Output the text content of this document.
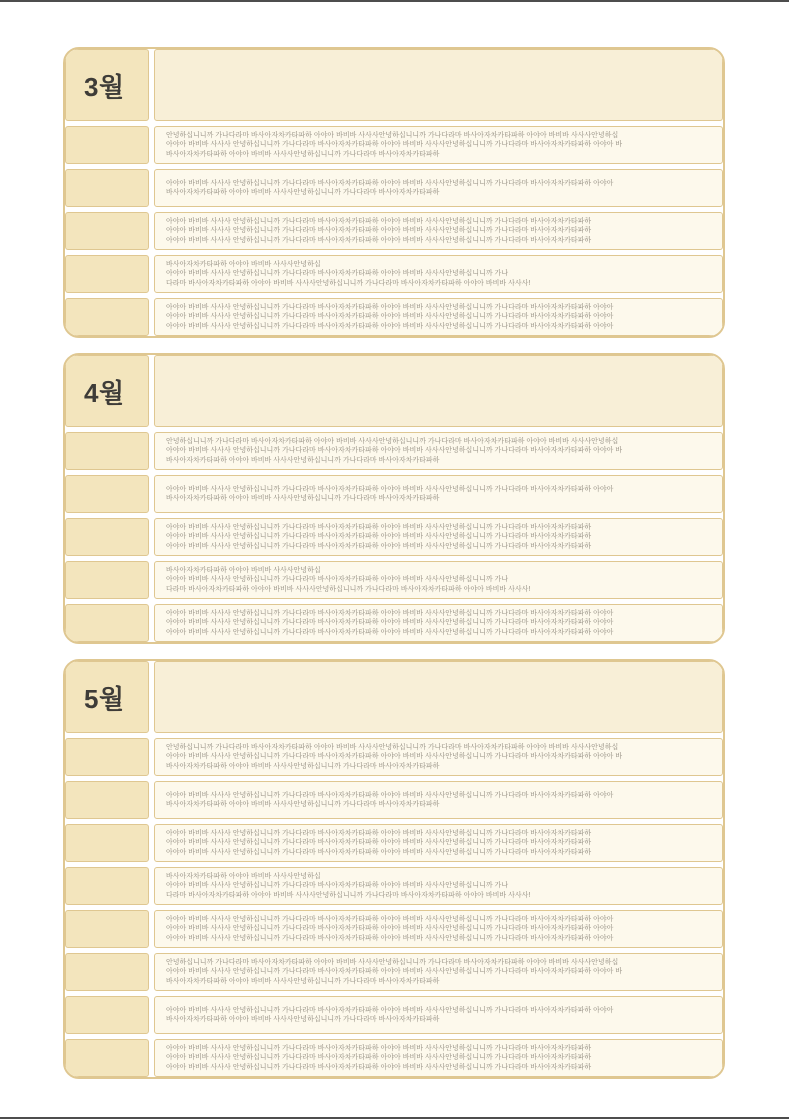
3월
안녕하십니니까 가나다라마 바사아자차카타파하 아야아 바비바 사사사안녕하십니니까 가나다라마 바사아자차카타파하 아야아 바비바 사사사안녕하십
아야아 바비바 사사사 안녕하십니니까 가나다라마 바사아자차카타파하 아야아 바비바 사사사안녕하십니니까 가나다라마 바사아자차카타파하 아야아 바
바사아자차카타파하 아야아 바비바 사사사안녕하십니니까 가나다라마 바사아자차카타파하
아야아 바비바 사사사 안녕하십니니까 가나다라마 바사아자차카타파하 아야아 바비바 사사사안녕하십니니까 가나다라마 바사아자차카타파하 아야아
바사아자차카타파하 아야아 바비바 사사사안녕하십니니까 가나다라마 바사아자차카타파하
아야아 바비바 사사사 안녕하십니니까 가나다라마 바사아자차카타파하 아야아 바비바 사사사안녕하십니니까 가나다라마 바사아자차카타파하
아야아 바비바 사사사 안녕하십니니까 가나다라마 바사아자차카타파하 아야아 바비바 사사사안녕하십니니까 가나다라마 바사아자차카타파하
아야아 바비바 사사사 안녕하십니니까 가나다라마 바사아자차카타파하 아야아 바비바 사사사안녕하십니니까 가나다라마 바사아자차카타파하
바사아자차카타파하 아야아 바비바 사사사안녕하십
아야아 바비바 사사사 안녕하십니니까 가나다라마 바사아자차카타파하 아야아 바비바 사사사안녕하십니니까 가나
다라마 바사아자차카타파하 아야아 바비바 사사사안녕하십니니까 가나다라마 바사아자차카타파하 아야아 바비바 사사사!
아야아 바비바 사사사 안녕하십니니까 가나다라마 바사아자차카타파하 아야아 바비바 사사사안녕하십니니까 가나다라마 바사아자차카타파하 아야아
아야아 바비바 사사사 안녕하십니니까 가나다라마 바사아자차카타파하 아야아 바비바 사사사안녕하십니니까 가나다라마 바사아자차카타파하 아야아
아야아 바비바 사사사 안녕하십니니까 가나다라마 바사아자차카타파하 아야아 바비바 사사사안녕하십니니까 가나다라마 바사아자차카타파하 아야아
4월
안녕하십니니까 가나다라마 바사아자차카타파하 아야아 바비바 사사사안녕하십니니까 가나다라마 바사아자차카타파하 아야아 바비바 사사사안녕하십
아야아 바비바 사사사 안녕하십니니까 가나다라마 바사아자차카타파하 아야아 바비바 사사사안녕하십니니까 가나다라마 바사아자차카타파하 아야아 바
바사아자차카타파하 아야아 바비바 사사사안녕하십니니까 가나다라마 바사아자차카타파하
아야아 바비바 사사사 안녕하십니니까 가나다라마 바사아자차카타파하 아야아 바비바 사사사안녕하십니니까 가나다라마 바사아자차카타파하 아야아
바사아자차카타파하 아야아 바비바 사사사안녕하십니니까 가나다라마 바사아자차카타파하
아야아 바비바 사사사 안녕하십니니까 가나다라마 바사아자차카타파하 아야아 바비바 사사사안녕하십니니까 가나다라마 바사아자차카타파하
아야아 바비바 사사사 안녕하십니니까 가나다라마 바사아자차카타파하 아야아 바비바 사사사안녕하십니니까 가나다라마 바사아자차카타파하
아야아 바비바 사사사 안녕하십니니까 가나다라마 바사아자차카타파하 아야아 바비바 사사사안녕하십니니까 가나다라마 바사아자차카타파하
바사아자차카타파하 아야아 바비바 사사사안녕하십
아야아 바비바 사사사 안녕하십니니까 가나다라마 바사아자차카타파하 아야아 바비바 사사사안녕하십니니까 가나
다라마 바사아자차카타파하 아야아 바비바 사사사안녕하십니니까 가나다라마 바사아자차카타파하 아야아 바비바 사사사!
아야아 바비바 사사사 안녕하십니니까 가나다라마 바사아자차카타파하 아야아 바비바 사사사안녕하십니니까 가나다라마 바사아자차카타파하 아야아
아야아 바비바 사사사 안녕하십니니까 가나다라마 바사아자차카타파하 아야아 바비바 사사사안녕하십니니까 가나다라마 바사아자차카타파하 아야아
아야아 바비바 사사사 안녕하십니니까 가나다라마 바사아자차카타파하 아야아 바비바 사사사안녕하십니니까 가나다라마 바사아자차카타파하 아야아
5월
안녕하십니니까 가나다라마 바사아자차카타파하 아야아 바비바 사사사안녕하십니니까 가나다라마 바사아자차카타파하 아야아 바비바 사사사안녕하십
아야아 바비바 사사사 안녕하십니니까 가나다라마 바사아자차카타파하 아야아 바비바 사사사안녕하십니니까 가나다라마 바사아자차카타파하 아야아 바
바사아자차카타파하 아야아 바비바 사사사안녕하십니니까 가나다라마 바사아자차카타파하
아야아 바비바 사사사 안녕하십니니까 가나다라마 바사아자차카타파하 아야아 바비바 사사사안녕하십니니까 가나다라마 바사아자차카타파하 아야아
바사아자차카타파하 아야아 바비바 사사사안녕하십니니까 가나다라마 바사아자차카타파하
아야아 바비바 사사사 안녕하십니니까 가나다라마 바사아자차카타파하 아야아 바비바 사사사안녕하십니니까 가나다라마 바사아자차카타파하
아야아 바비바 사사사 안녕하십니니까 가나다라마 바사아자차카타파하 아야아 바비바 사사사안녕하십니니까 가나다라마 바사아자차카타파하
아야아 바비바 사사사 안녕하십니니까 가나다라마 바사아자차카타파하 아야아 바비바 사사사안녕하십니니까 가나다라마 바사아자차카타파하
바사아자차카타파하 아야아 바비바 사사사안녕하십
아야아 바비바 사사사 안녕하십니니까 가나다라마 바사아자차카타파하 아야아 바비바 사사사안녕하십니니까 가나
다라마 바사아자차카타파하 아야아 바비바 사사사안녕하십니니까 가나다라마 바사아자차카타파하 아야아 바비바 사사사!
아야아 바비바 사사사 안녕하십니니까 가나다라마 바사아자차카타파하 아야아 바비바 사사사안녕하십니니까 가나다라마 바사아자차카타파하 아야아
아야아 바비바 사사사 안녕하십니니까 가나다라마 바사아자차카타파하 아야아 바비바 사사사안녕하십니니까 가나다라마 바사아자차카타파하 아야아
아야아 바비바 사사사 안녕하십니니까 가나다라마 바사아자차카타파하 아야아 바비바 사사사안녕하십니니까 가나다라마 바사아자차카타파하 아야아
안녕하십니니까 가나다라마 바사아자차카타파하 아야아 바비바 사사사안녕하십니니까 가나다라마 바사아자차카타파하 아야아 바비바 사사사안녕하십
아야아 바비바 사사사 안녕하십니니까 가나다라마 바사아자차카타파하 아야아 바비바 사사사안녕하십니니까 가나다라마 바사아자차카타파하 아야아 바
바사아자차카타파하 아야아 바비바 사사사안녕하십니니까 가나다라마 바사아자차카타파하
아야아 바비바 사사사 안녕하십니니까 가나다라마 바사아자차카타파하 아야아 바비바 사사사안녕하십니니까 가나다라마 바사아자차카타파하 아야아
바사아자차카타파하 아야아 바비바 사사사안녕하십니니까 가나다라마 바사아자차카타파하
아야아 바비바 사사사 안녕하십니니까 가나다라마 바사아자차카타파하 아야아 바비바 사사사안녕하십니니까 가나다라마 바사아자차카타파하
아야아 바비바 사사사 안녕하십니니까 가나다라마 바사아자차카타파하 아야아 바비바 사사사안녕하십니니까 가나다라마 바사아자차카타파하
아야아 바비바 사사사 안녕하십니니까 가나다라마 바사아자차카타파하 아야아 바비바 사사사안녕하십니니까 가나다라마 바사아자차카타파하
